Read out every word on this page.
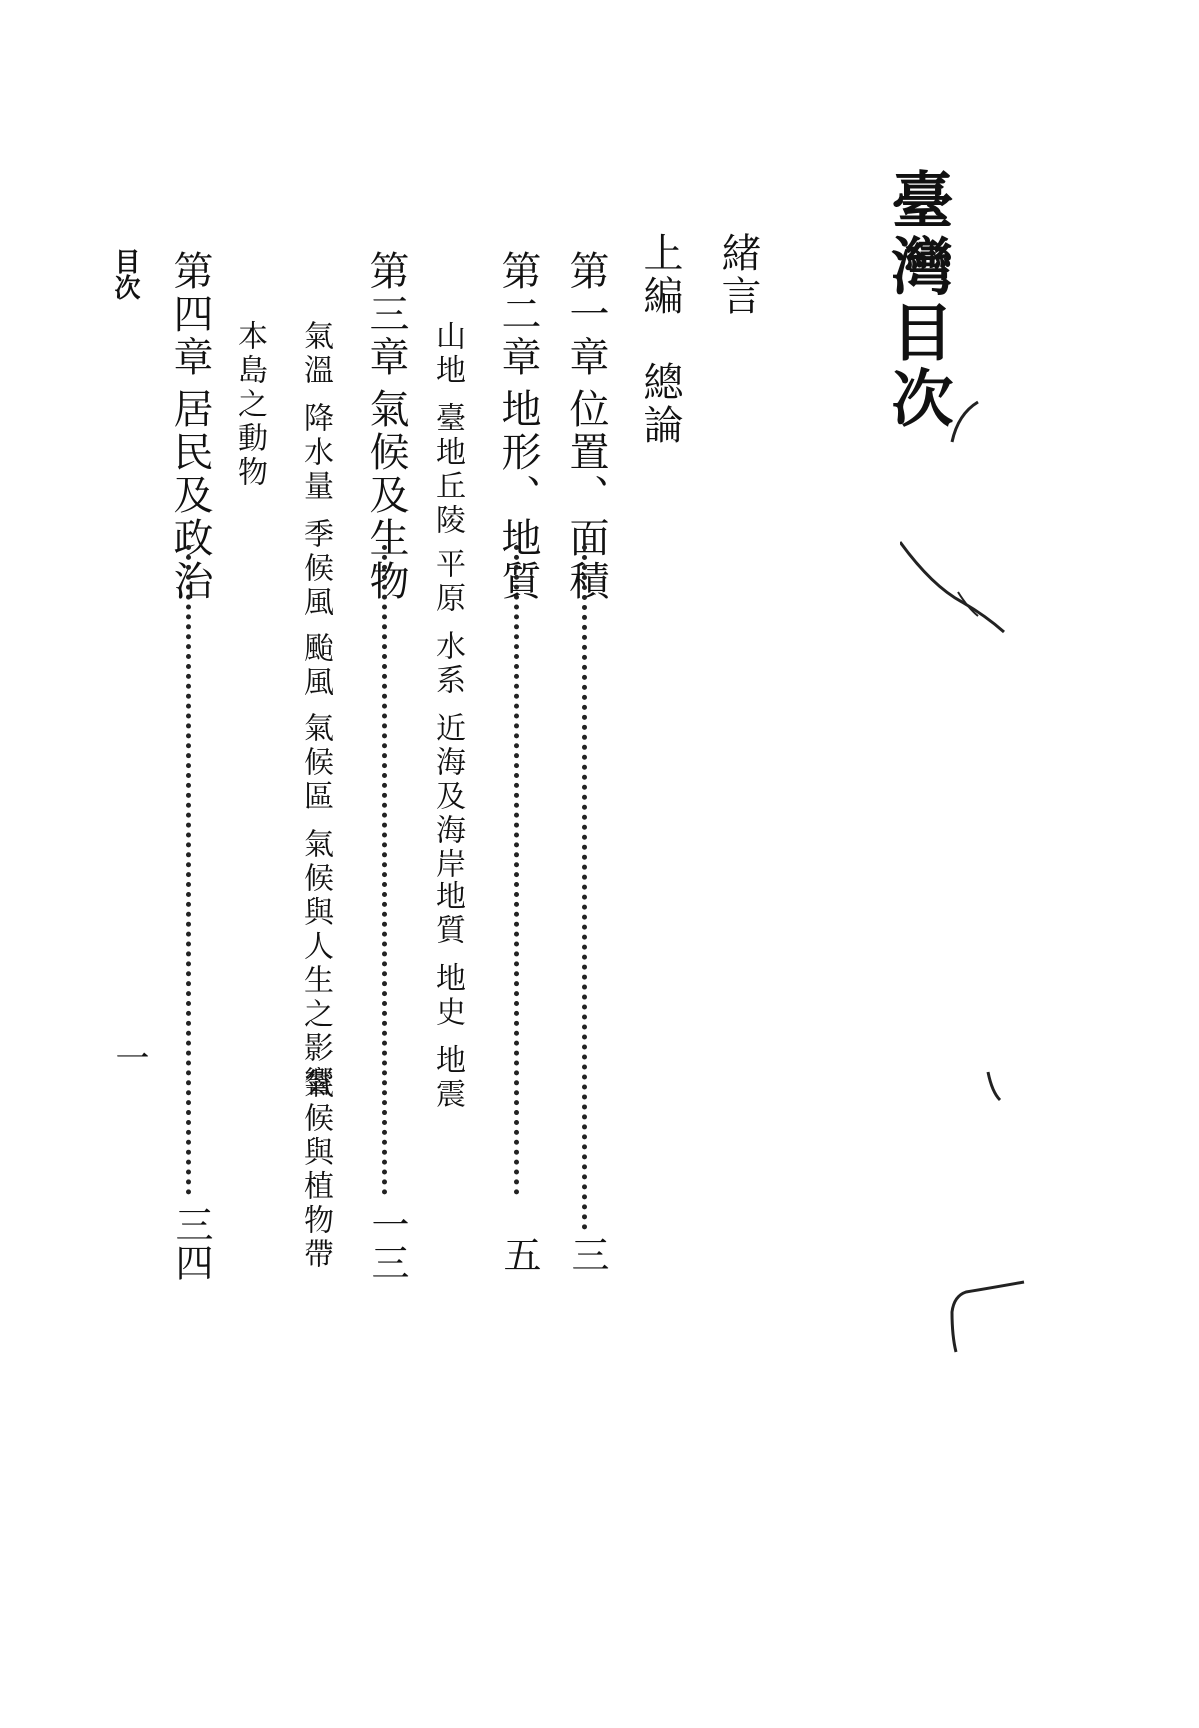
臺灣目次
緒言
上編　總論
第一章
位置、面積
三
第二章
地形、地質
五
山地
臺地丘陵
平原
水系
近海及海岸
地質
地史
地震
第三章
氣候及生物
一三
氣溫
降水量
季候風
颱風
氣候區
氣候與人生之影響
氣候與植物帶
本島之動物
第四章
居民及政治
三四
目次
一
